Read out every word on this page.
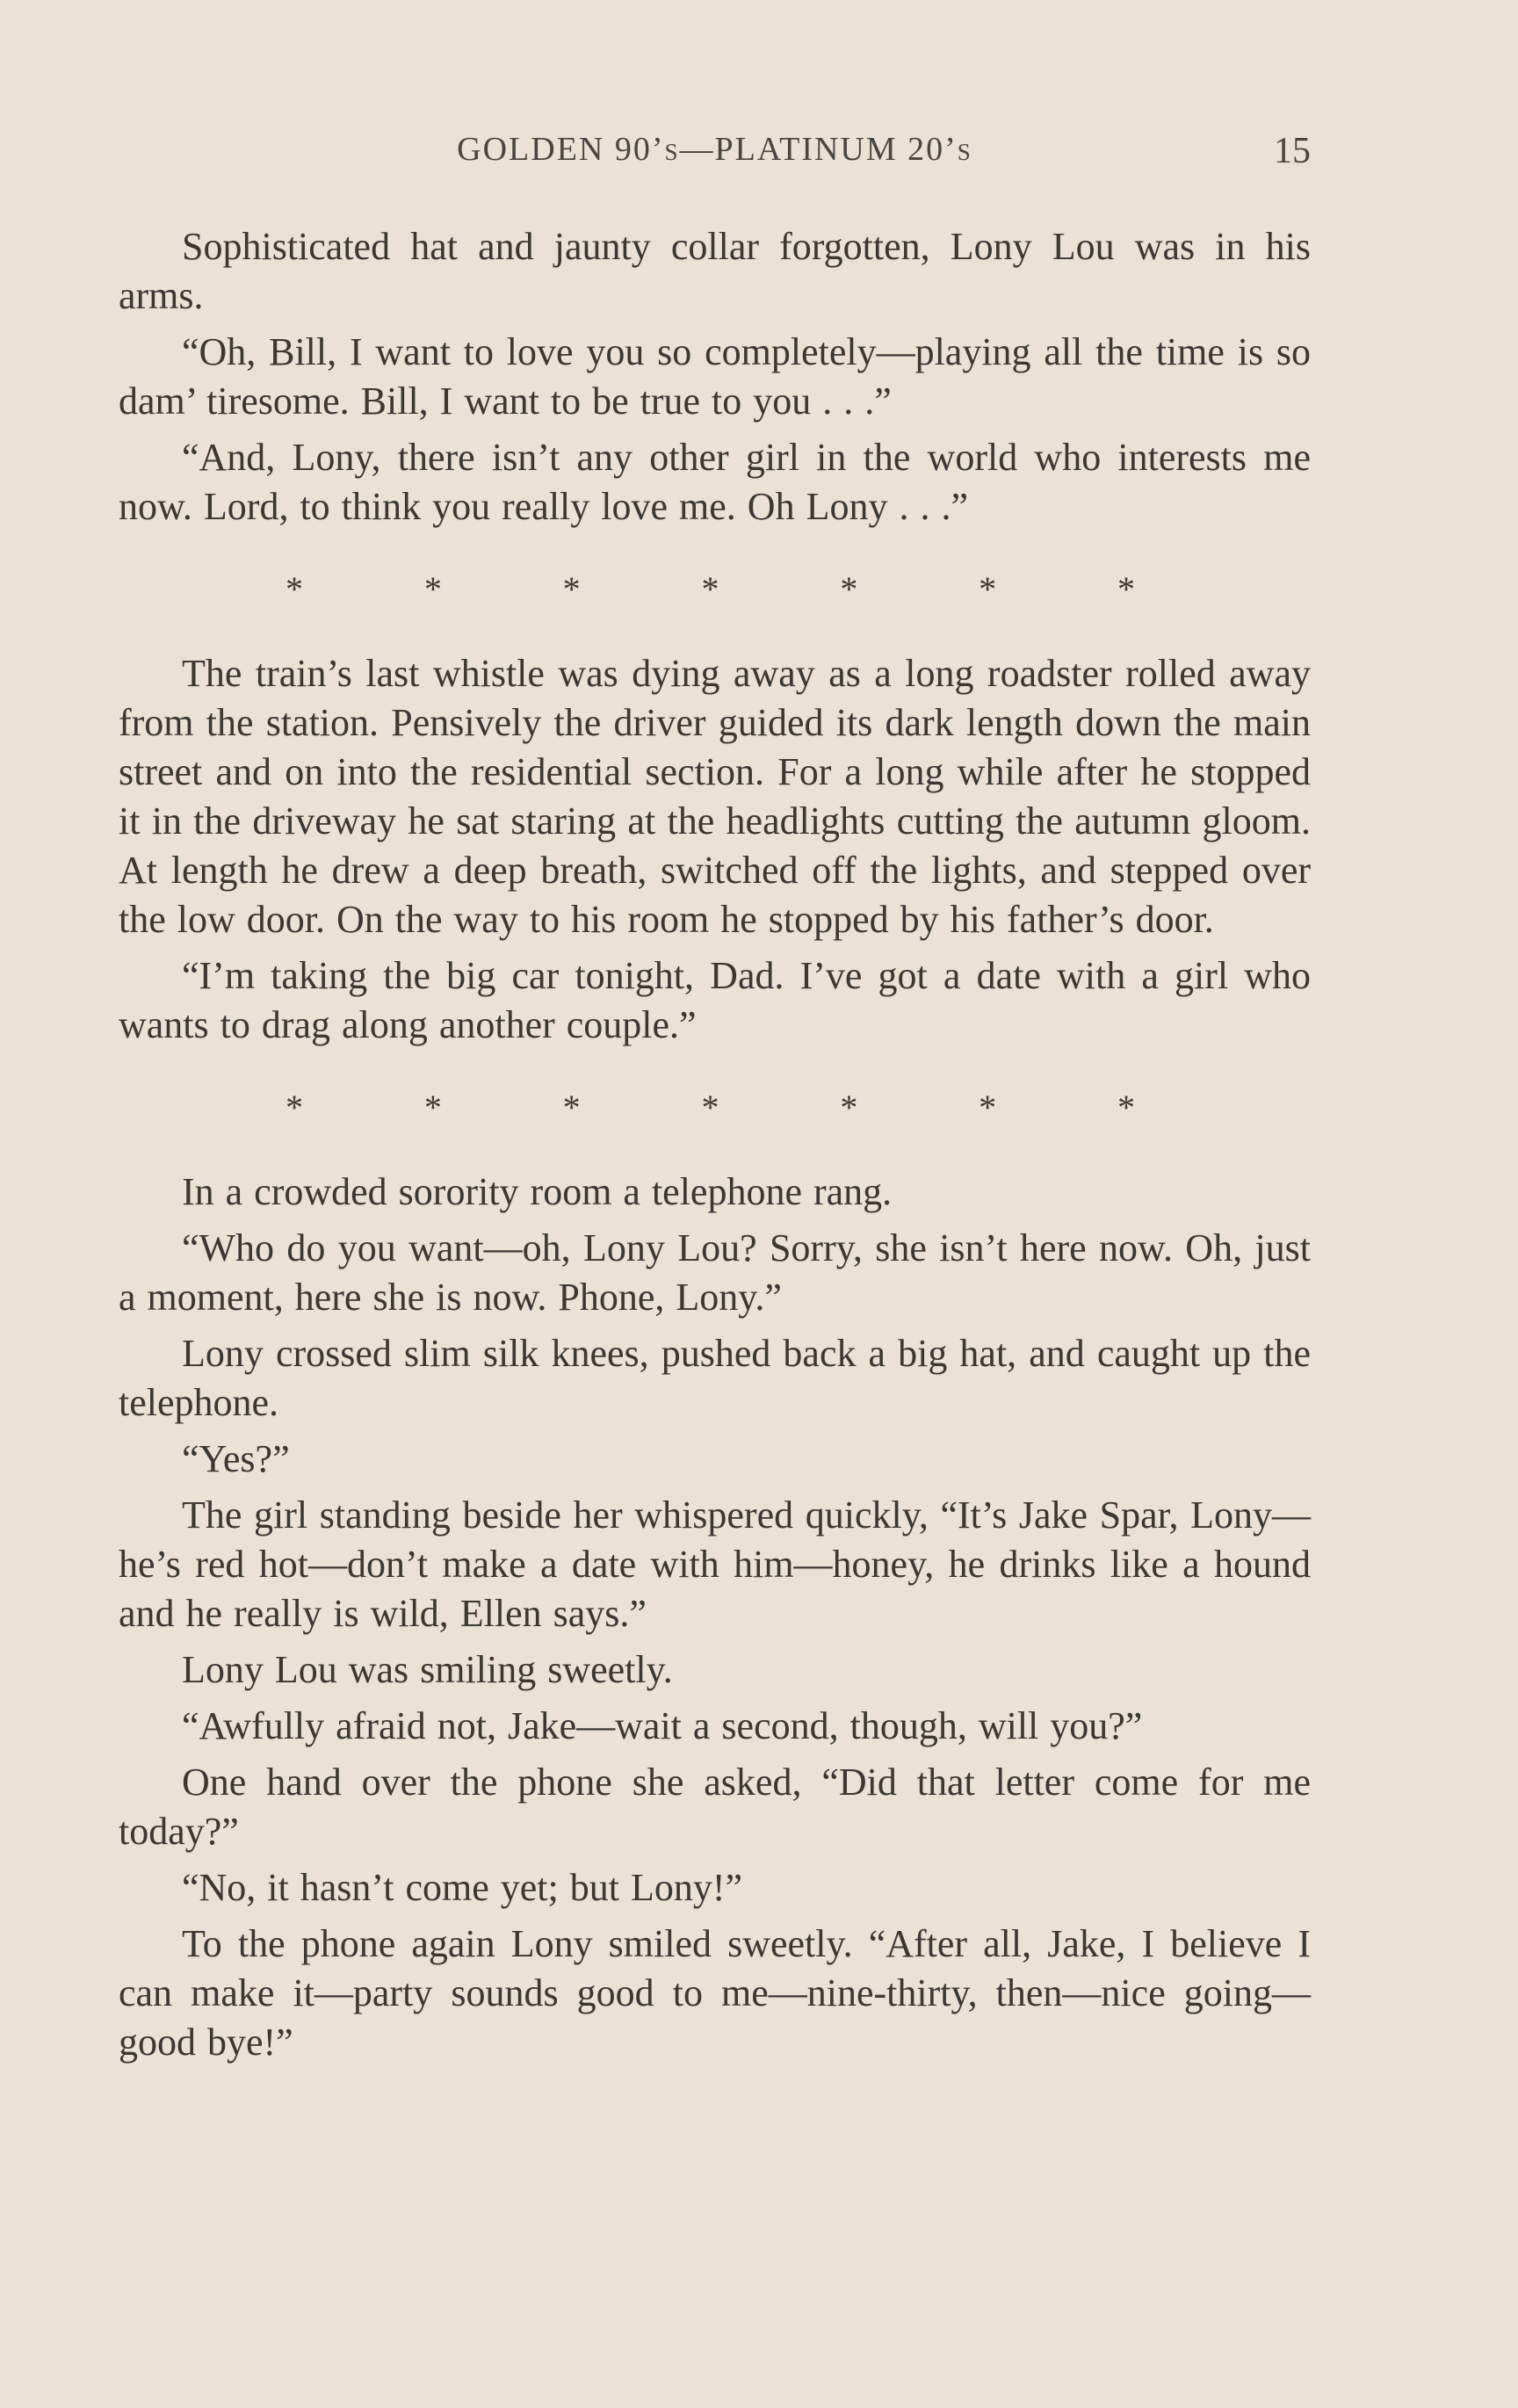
GOLDEN 90’s—PLATINUM 20’s	15

Sophisticated hat and jaunty collar forgotten, Lony Lou was in his arms.

“Oh, Bill, I want to love you so completely—playing all the time is so dam’ tiresome. Bill, I want to be true to you . . .”

“And, Lony, there isn’t any other girl in the world who interests me now. Lord, to think you really love me. Oh Lony . . .”

*	*	*	*	*	*	*

The train’s last whistle was dying away as a long roadster rolled away from the station. Pensively the driver guided its dark length down the main street and on into the residential section. For a long while after he stopped it in the driveway he sat staring at the headlights cutting the autumn gloom. At length he drew a deep breath, switched off the lights, and stepped over the low door. On the way to his room he stopped by his father’s door.

“I’m taking the big car tonight, Dad. I’ve got a date with a girl who wants to drag along another couple.”

*	*	*	*	*	*	*

In a crowded sorority room a telephone rang.

“Who do you want—oh, Lony Lou? Sorry, she isn’t here now. Oh, just a moment, here she is now. Phone, Lony.”

Lony crossed slim silk knees, pushed back a big hat, and caught up the telephone.

“Yes?”

The girl standing beside her whispered quickly, “It’s Jake Spar, Lony—he’s red hot—don’t make a date with him—honey, he drinks like a hound and he really is wild, Ellen says.”

Lony Lou was smiling sweetly.

“Awfully afraid not, Jake—wait a second, though, will you?”

One hand over the phone she asked, “Did that letter come for me today?”

“No, it hasn’t come yet; but Lony!”

To the phone again Lony smiled sweetly. “After all, Jake, I believe I can make it—party sounds good to me—nine-thirty, then—nice going—good bye!”
